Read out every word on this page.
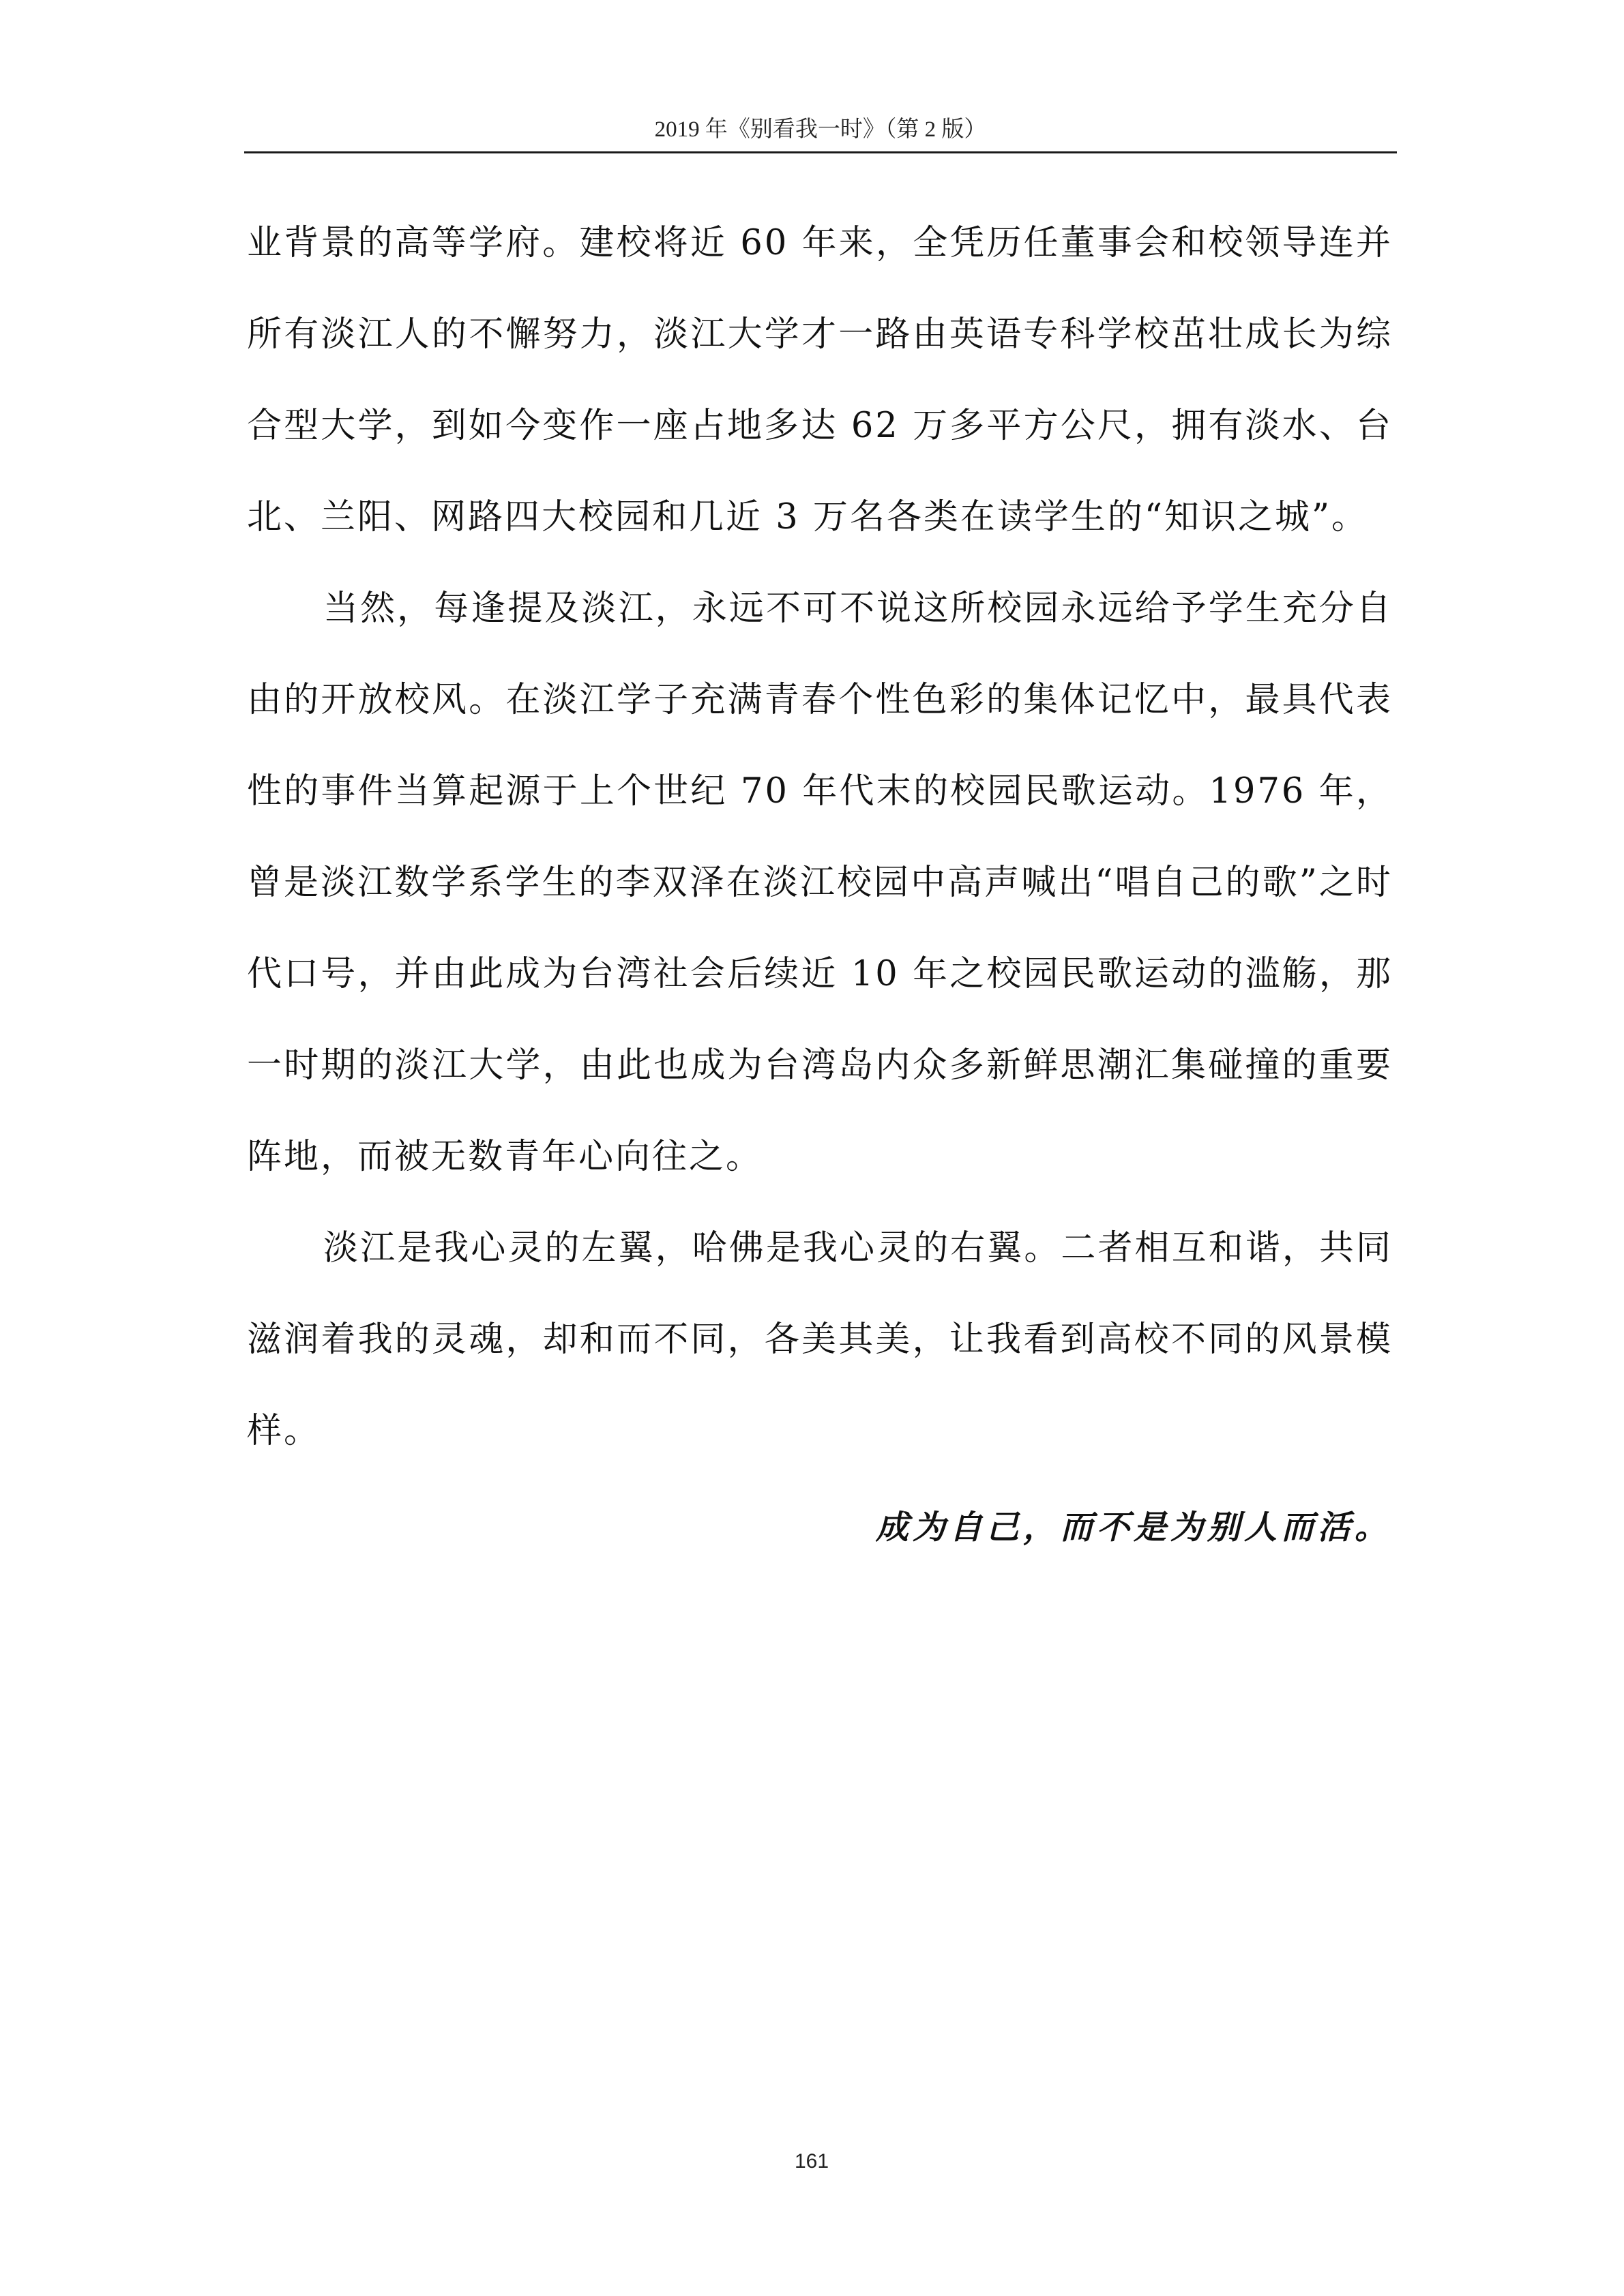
2019 年《别看我一时》（第 2 版）

业背景的高等学府。建校将近 60 年来，全凭历任董事会和校领导连并所有淡江人的不懈努力，淡江大学才一路由英语专科学校茁壮成长为综合型大学，到如今变作一座占地多达 62 万多平方公尺，拥有淡水、台北、兰阳、网路四大校园和几近 3 万名各类在读学生的“知识之城”。

当然，每逢提及淡江，永远不可不说这所校园永远给予学生充分自由的开放校风。在淡江学子充满青春个性色彩的集体记忆中，最具代表性的事件当算起源于上个世纪 70 年代末的校园民歌运动。1976 年，曾是淡江数学系学生的李双泽在淡江校园中高声喊出“唱自己的歌”之时代口号，并由此成为台湾社会后续近 10 年之校园民歌运动的滥觞，那一时期的淡江大学，由此也成为台湾岛内众多新鲜思潮汇集碰撞的重要阵地，而被无数青年心向往之。

淡江是我心灵的左翼，哈佛是我心灵的右翼。二者相互和谐，共同滋润着我的灵魂，却和而不同，各美其美，让我看到高校不同的风景模样。

成为自己，而不是为别人而活。
161
